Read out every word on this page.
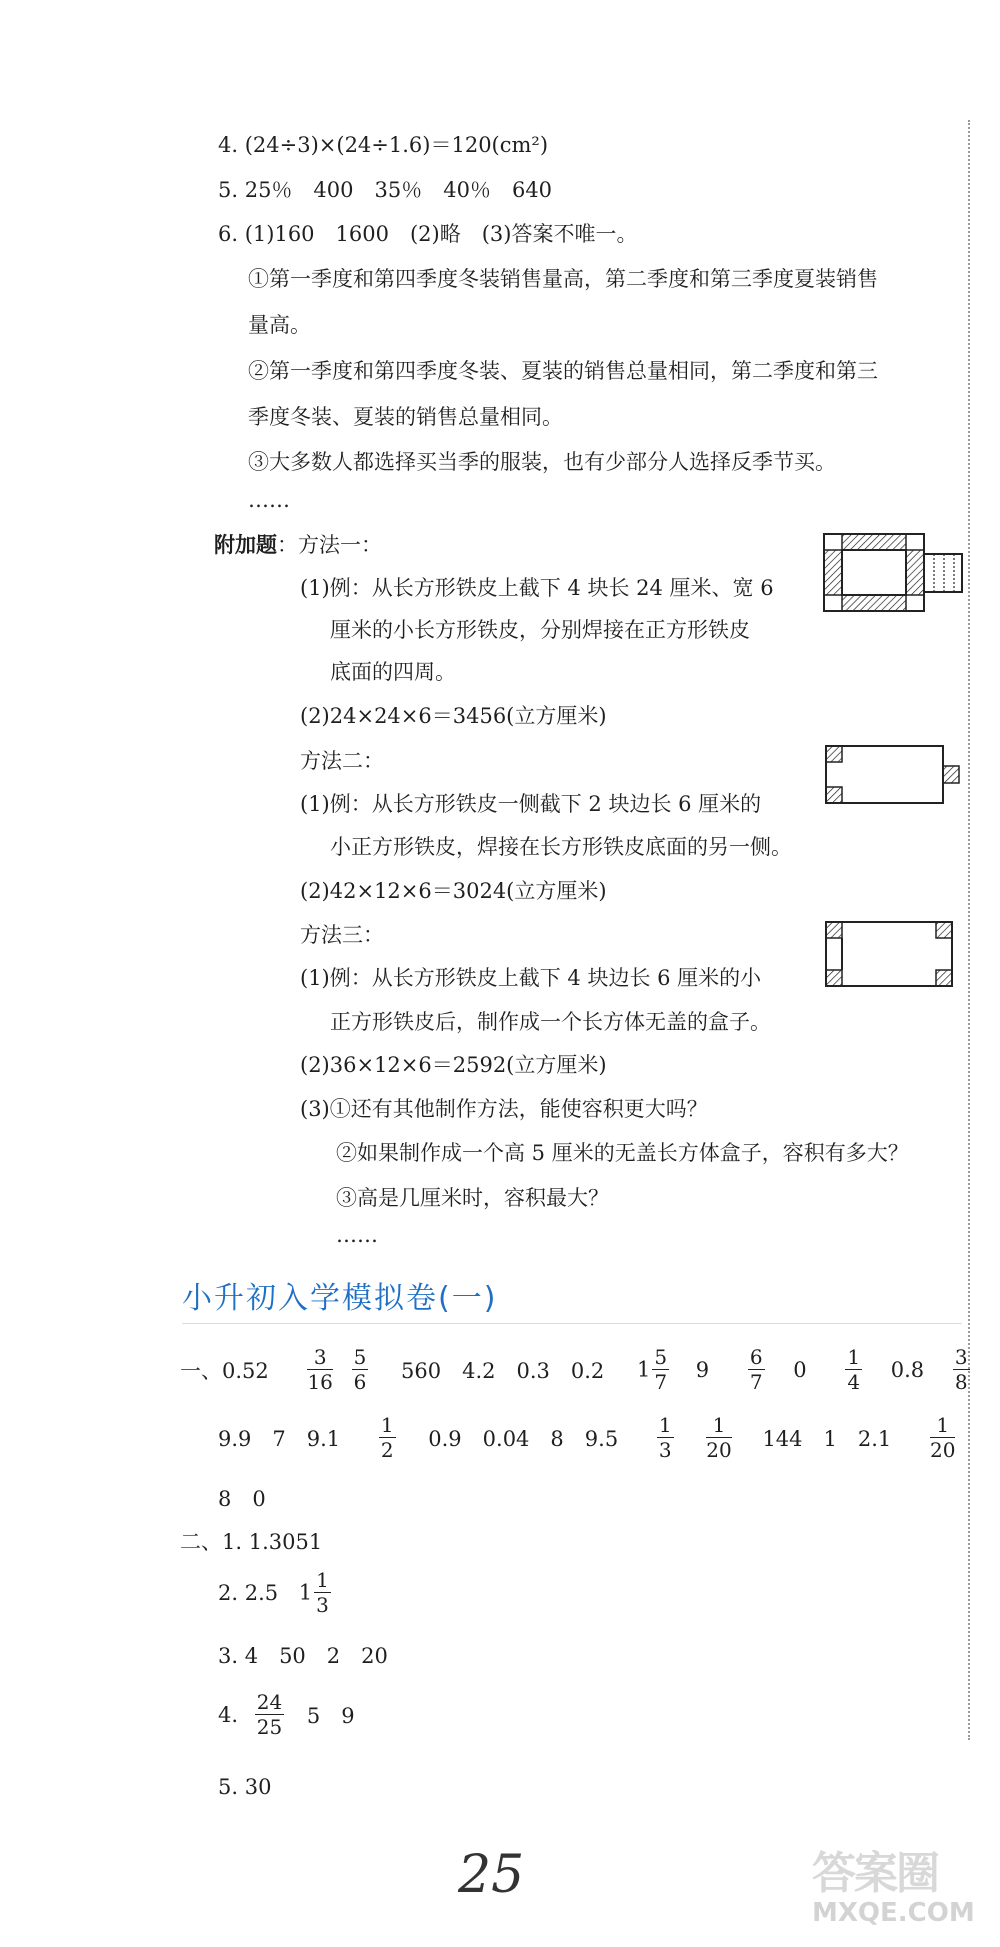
4. (24÷3)×(24÷1.6)＝120(cm²)
5. 25％　400　35％　40％　640
6. (1)160　1600　(2)略　(3)答案不唯一。
①第一季度和第四季度冬装销售量高，第二季度和第三季度夏装销售
量高。
②第一季度和第四季度冬装、夏装的销售总量相同，第二季度和第三
季度冬装、夏装的销售总量相同。
③大多数人都选择买当季的服装，也有少部分人选择反季节买。
……
附加题：方法一：
(1)例：从长方形铁皮上截下 4 块长 24 厘米、宽 6
厘米的小长方形铁皮，分别焊接在正方形铁皮
底面的四周。
(2)24×24×6＝3456(立方厘米)
方法二：
(1)例：从长方形铁皮一侧截下 2 块边长 6 厘米的
小正方形铁皮，焊接在长方形铁皮底面的另一侧。
(2)42×12×6＝3024(立方厘米)
方法三：
(1)例：从长方形铁皮上截下 4 块边长 6 厘米的小
正方形铁皮后，制作成一个长方体无盖的盒子。
(2)36×12×6＝2592(立方厘米)
(3)①还有其他制作方法，能使容积更大吗？
②如果制作成一个高 5 厘米的无盖长方体盒子，容积有多大？
③高是几厘米时，容积最大？
……
小升初入学模拟卷(一)
一、$0.52 \frac{3}{16}$
$\frac{5}{6} 560$　4.2　0.3　0.2 $1 \frac{5}{7} 9 \frac{6}{7} 0 \frac{1}{4} 0.8 \frac{3}{8}$
9.9　7　$9.1 \frac{1}{2} 0.9$　0.04　8　$9.5 \frac{1}{3}$
$\frac{1}{20} 144$　1　$2.1 \frac{1}{20}$
8　0
二、1. 1.3051
2. 2.5 $1 \frac{1}{3}$
3. 4　50　2　20
4. $\frac{24}{25} 5$　9
5. 30
25	答案圈
MXQE.COM
